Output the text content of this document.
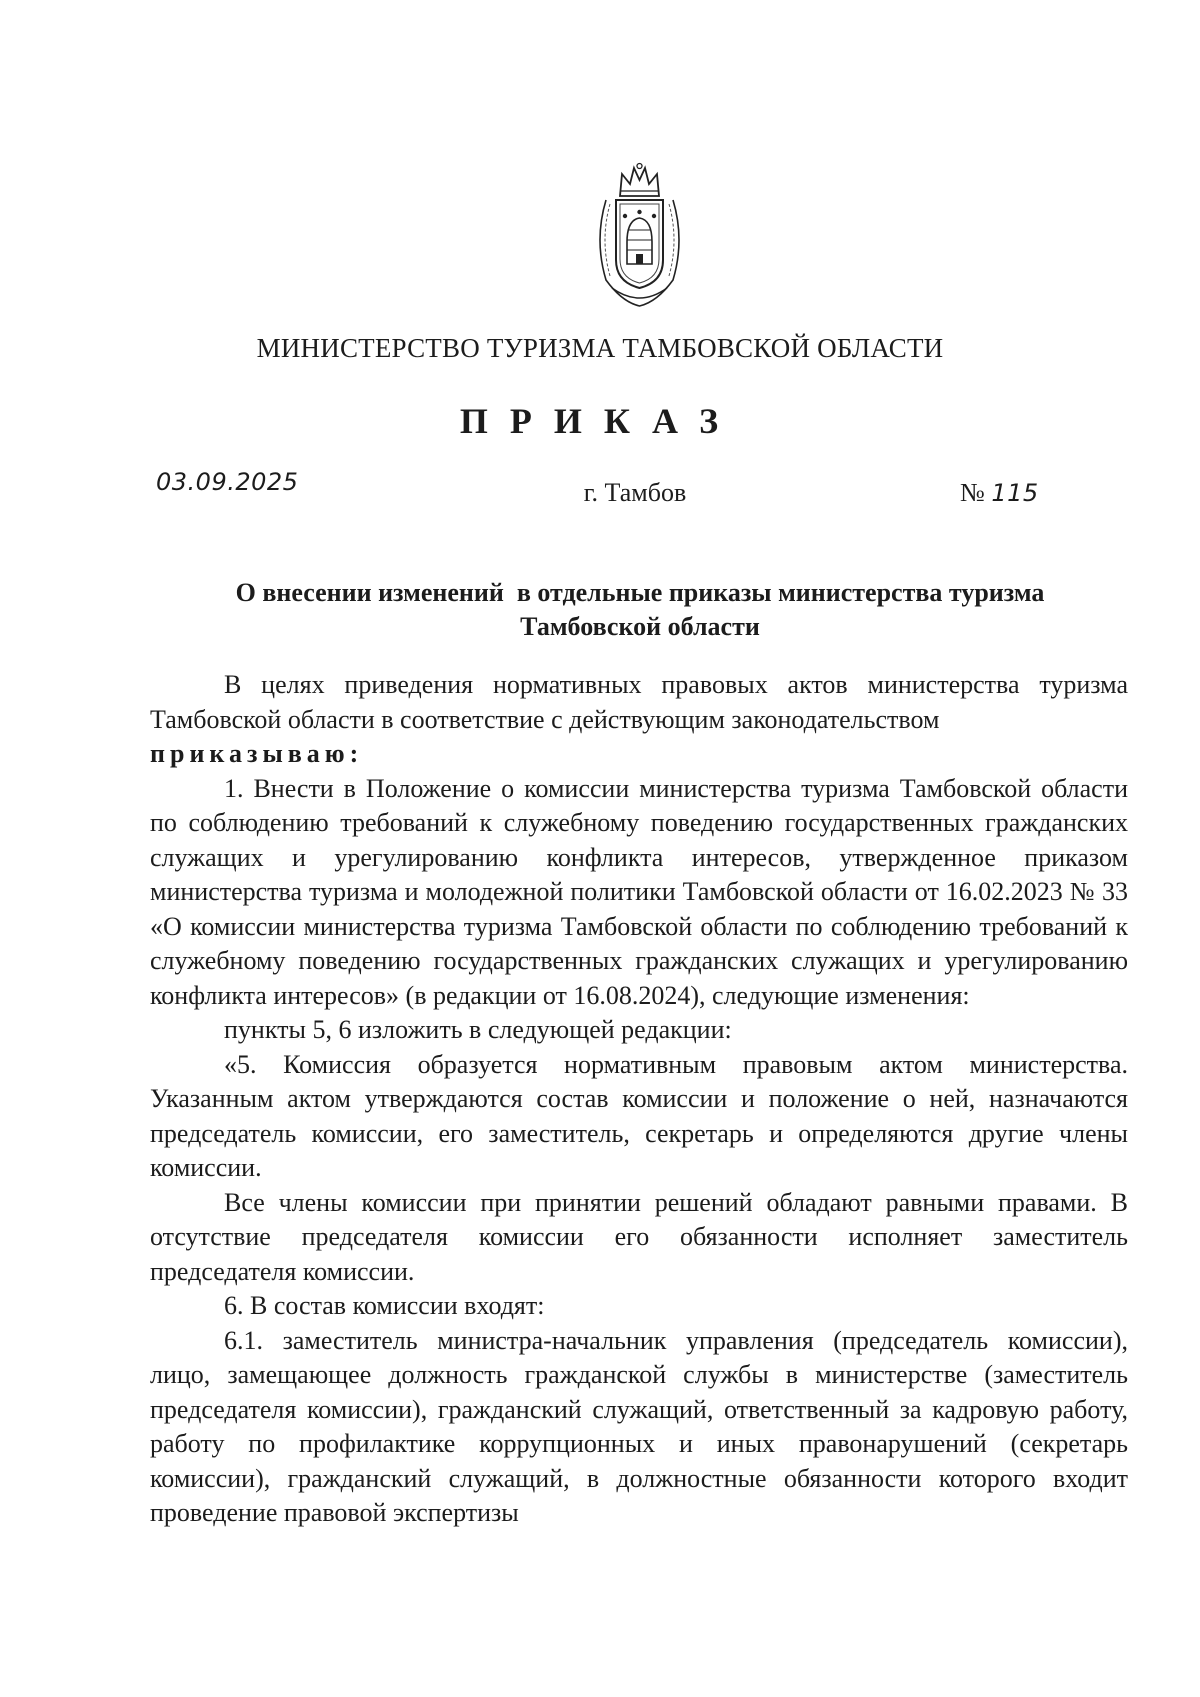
МИНИСТЕРСТВО ТУРИЗМА ТАМБОВСКОЙ ОБЛАСТИ
ПРИКАЗ
03.09.2025	г. Тамбов	№ 115
О внесении изменений  в отдельные приказы министерства туризма
Тамбовской области

В целях приведения нормативных правовых актов министерства туризма Тамбовской области в соответствие с действующим законодательством

приказываю:

1. Внести в Положение о комиссии министерства туризма Тамбовской области по соблюдению требований к служебному поведению государственных гражданских служащих и урегулированию конфликта интересов, утвержденное приказом министерства туризма и молодежной политики Тамбовской области от 16.02.2023 № 33 «О комиссии министерства туризма Тамбовской области по соблюдению требований к служебному поведению государственных гражданских служащих и урегулированию конфликта интересов» (в редакции от 16.08.2024), следующие изменения:

пункты 5, 6 изложить в следующей редакции:

«5. Комиссия образуется нормативным правовым актом министерства. Указанным актом утверждаются состав комиссии и положение о ней, назначаются председатель комиссии, его заместитель, секретарь и определяются другие члены комиссии.

Все члены комиссии при принятии решений обладают равными правами. В отсутствие председателя комиссии его обязанности исполняет заместитель председателя комиссии.

6. В состав комиссии входят:

6.1. заместитель министра-начальник управления (председатель комиссии), лицо, замещающее должность гражданской службы в министерстве (заместитель председателя комиссии), гражданский служащий, ответственный за кадровую работу, работу по профилактике коррупционных и иных правонарушений (секретарь комиссии), гражданский служащий, в должностные обязанности которого входит проведение правовой экспертизы
